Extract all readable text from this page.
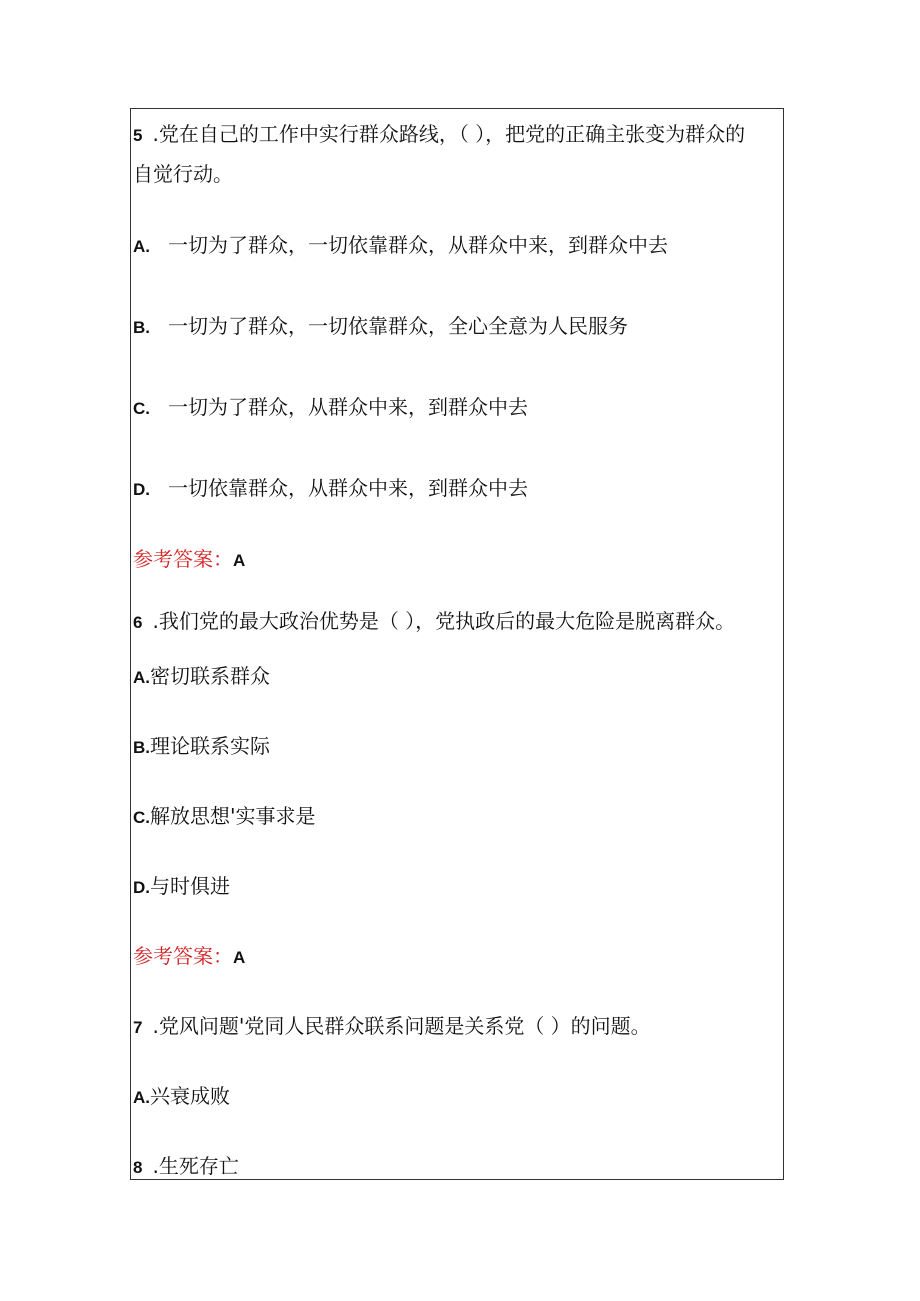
5 .党在自己的工作中实行群众路线，（ ），把党的正确主张变为群众的
自觉行动。
A. 一切为了群众，一切依靠群众，从群众中来，到群众中去
B. 一切为了群众，一切依靠群众，全心全意为人民服务
C. 一切为了群众，从群众中来，到群众中去
D. 一切依靠群众，从群众中来，到群众中去
参考答案：A
6 .我们党的最大政治优势是（ ），党执政后的最大危险是脱离群众。
A.密切联系群众
B.理论联系实际
C.解放思想'实事求是
D.与时俱进
参考答案：A
7 .党风问题'党同人民群众联系问题是关系党（ ）的问题。
A.兴衰成败
8 .生死存亡
